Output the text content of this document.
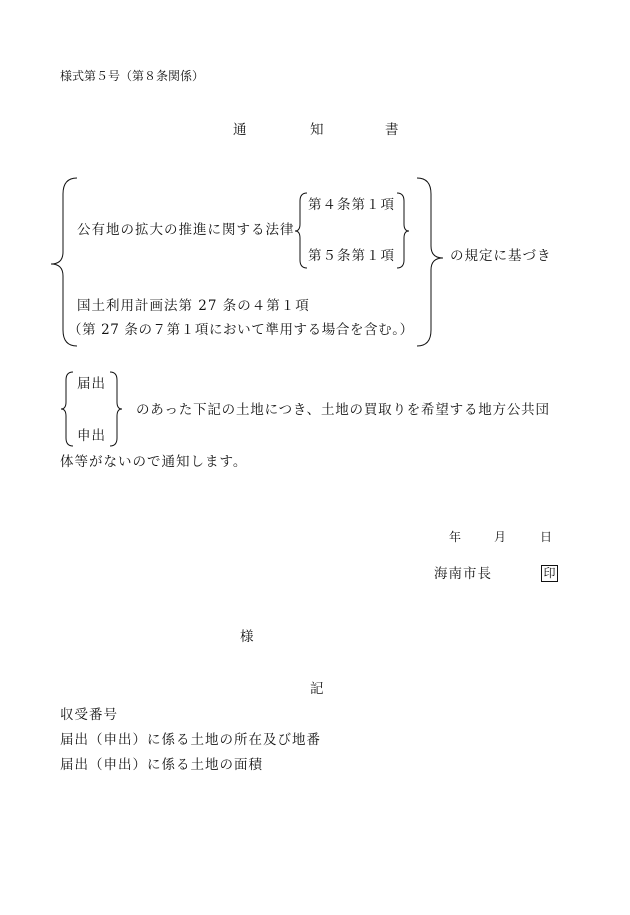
様式第５号（第８条関係）
通	知	書
第４条第１項
公有地の拡大の推進に関する法律
第５条第１項	の規定に基づき
国土利用計画法第 27 条の４第１項
（第 27 条の７第１項において準用する場合を含む。）
届出
申出
のあった下記の土地につき、土地の買取りを希望する地方公共団
体等がないので通知します。
年	月	日
海南市長	印
様
記
収受番号
届出（申出）に係る土地の所在及び地番
届出（申出）に係る土地の面積
